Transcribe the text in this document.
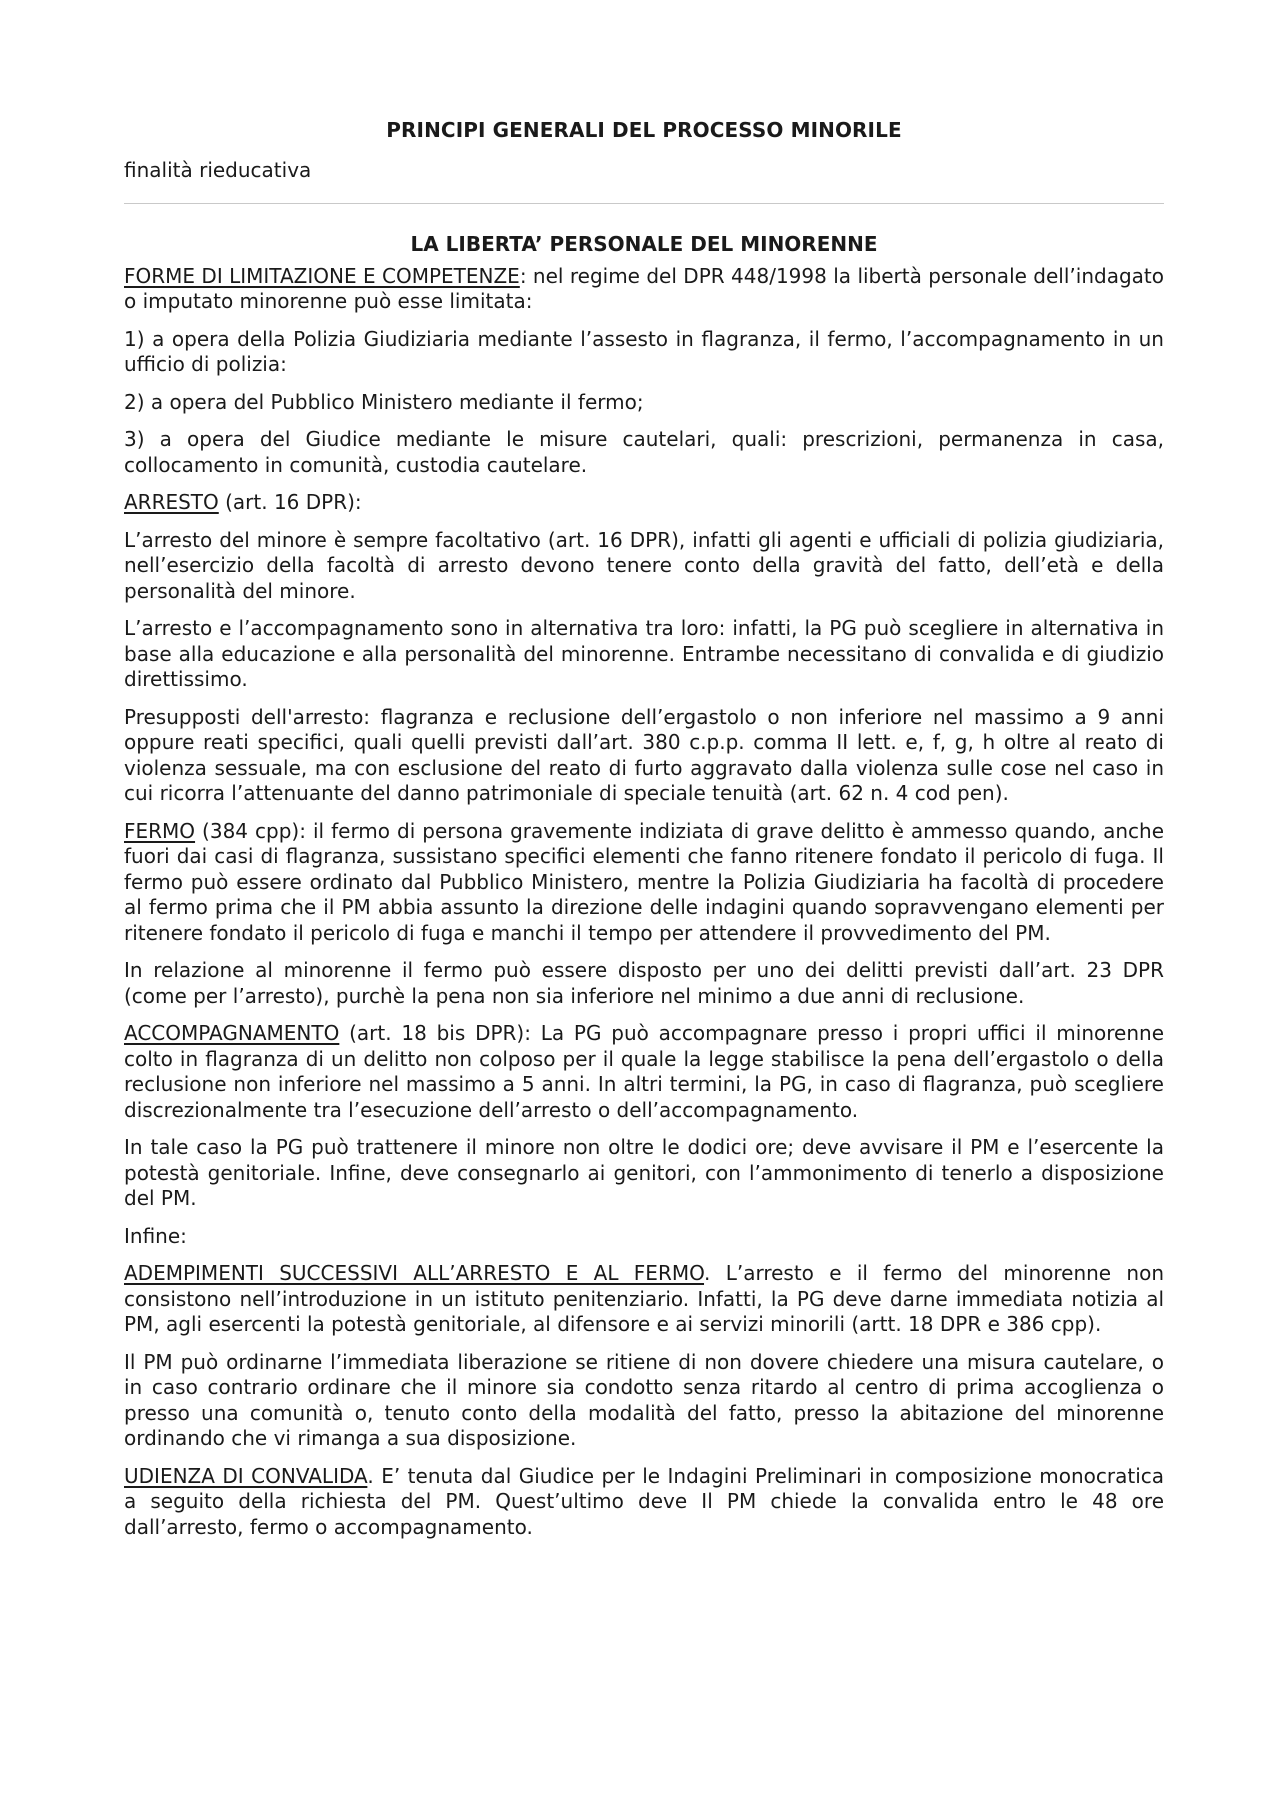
PRINCIPI GENERALI DEL PROCESSO MINORILE
finalità rieducativa
LA LIBERTA’ PERSONALE DEL MINORENNE

FORME DI LIMITAZIONE E COMPETENZE: nel regime del DPR 448/1998 la libertà personale dell’indagato o imputato minorenne può esse limitata:

1) a opera della Polizia Giudiziaria mediante l’assesto in flagranza, il fermo, l’accompagnamento in un ufficio di polizia:

2) a opera del Pubblico Ministero mediante il fermo;

3) a opera del Giudice mediante le misure cautelari, quali: prescrizioni, permanenza in casa, collocamento in comunità, custodia cautelare.

ARRESTO (art. 16 DPR):

L’arresto del minore è sempre facoltativo (art. 16 DPR), infatti gli agenti e ufficiali di polizia giudiziaria, nell’esercizio della facoltà di arresto devono tenere conto della gravità del fatto, dell’età e della personalità del minore.

L’arresto e l’accompagnamento sono in alternativa tra loro: infatti, la PG può scegliere in alternativa in base alla educazione e alla personalità del minorenne. Entrambe necessitano di convalida e di giudizio direttissimo.

Presupposti dell'arresto: flagranza e reclusione dell’ergastolo o non inferiore nel massimo a 9 anni oppure reati specifici, quali quelli previsti dall’art. 380 c.p.p. comma II lett. e, f, g, h oltre al reato di violenza sessuale, ma con esclusione del reato di furto aggravato dalla violenza sulle cose nel caso in cui ricorra l’attenuante del danno patrimoniale di speciale tenuità (art. 62 n. 4 cod pen).

FERMO (384 cpp): il fermo di persona gravemente indiziata di grave delitto è ammesso quando, anche fuori dai casi di flagranza, sussistano specifici elementi che fanno ritenere fondato il pericolo di fuga. Il fermo può essere ordinato dal Pubblico Ministero, mentre la Polizia Giudiziaria ha facoltà di procedere al fermo prima che il PM abbia assunto la direzione delle indagini quando sopravvengano elementi per ritenere fondato il pericolo di fuga e manchi il tempo per attendere il provvedimento del PM.

In relazione al minorenne il fermo può essere disposto per uno dei delitti previsti dall’art. 23 DPR (come per l’arresto), purchè la pena non sia inferiore nel minimo a due anni di reclusione.

ACCOMPAGNAMENTO (art. 18 bis DPR): La PG può accompagnare presso i propri uffici il minorenne colto in flagranza di un delitto non colposo per il quale la legge stabilisce la pena dell’ergastolo o della reclusione non inferiore nel massimo a 5 anni. In altri termini, la PG, in caso di flagranza, può scegliere discrezionalmente tra l’esecuzione dell’arresto o dell’accompagnamento.

In tale caso la PG può trattenere il minore non oltre le dodici ore; deve avvisare il PM e l’esercente la potestà genitoriale. Infine, deve consegnarlo ai genitori, con l’ammonimento di tenerlo a disposizione del PM.

Infine:

ADEMPIMENTI SUCCESSIVI ALL’ARRESTO E AL FERMO. L’arresto e il fermo del minorenne non consistono nell’introduzione in un istituto penitenziario. Infatti, la PG deve darne immediata notizia al PM, agli esercenti la potestà genitoriale, al difensore e ai servizi minorili (artt. 18 DPR e 386 cpp).

Il PM può ordinarne l’immediata liberazione se ritiene di non dovere chiedere una misura cautelare, o in caso contrario ordinare che il minore sia condotto senza ritardo al centro di prima accoglienza o presso una comunità o, tenuto conto della modalità del fatto, presso la abitazione del minorenne ordinando che vi rimanga a sua disposizione.

UDIENZA DI CONVALIDA. E’ tenuta dal Giudice per le Indagini Preliminari in composizione monocratica a seguito della richiesta del PM. Quest’ultimo deve Il PM chiede la convalida entro le 48 ore dall’arresto, fermo o accompagnamento.
